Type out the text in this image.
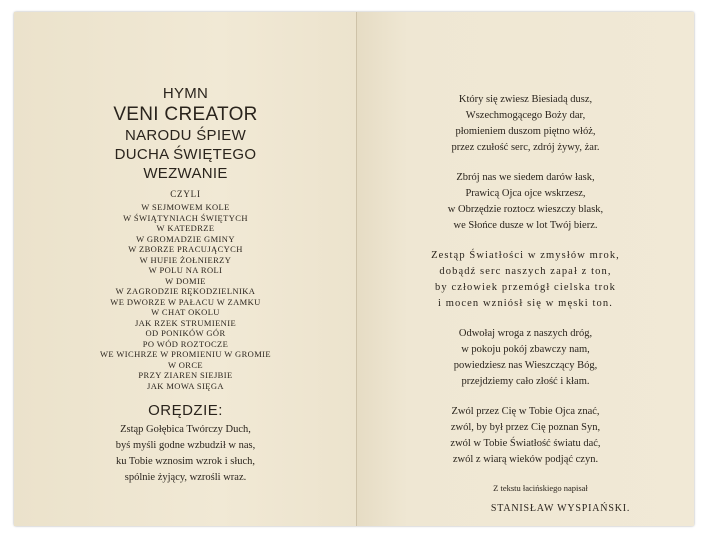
HYMN
VENI CREATOR
NARODU ŚPIEW
DUCHA ŚWIĘTEGO
WEZWANIE
CZYLI
W SEJMOWEM KOLE
W ŚWIĄTYNIACH ŚWIĘTYCH
W KATEDRZE
W GROMADZIE GMINY
W ZBORZE PRACUJĄCYCH
W HUFIE ŻOŁNIERZY
W POLU NA ROLI
W DOMIE
W ZAGRODZIE RĘKODZIELNIKA
WE DWORZE W PAŁACU W ZAMKU
W CHAT OKOLU
JAK RZEK STRUMIENIE
OD PONIKÓW GÓR
PO WÓD ROZTOCZE
WE WICHRZE W PROMIENIU W GROMIE
W ORCE
PRZY ZIAREN SIEJBIE
JAK MOWA SIĘGA
ORĘDZIE:
Zstąp Gołębica Twórczy Duch,
byś myśli godne wzbudził w nas,
ku Tobie wznosim wzrok i słuch,
spólnie żyjący, wzrośli wraz.
Który się zwiesz Biesiadą dusz,
Wszechmogącego Boży dar,
płomieniem duszom piętno włóż,
przez czułość serc, zdrój żywy, żar.
Zbrój nas we siedem darów łask,
Prawicą Ojca ojce wskrzesz,
w Obrzędzie roztocz wieszczy blask,
we Słońce dusze w lot Twój bierz.
Zestąp Światłości w zmysłów mrok,
dobądź serc naszych zapał z ton,
by człowiek przemógł cielska trok
i mocen wzniósł się w męski ton.
Odwołaj wroga z naszych dróg,
w pokoju pokój zbawczy nam,
powiedziesz nas Wieszczący Bóg,
przejdziemy cało złość i kłam.
Zwól przez Cię w Tobie Ojca znać,
zwól, by był przez Cię poznan Syn,
zwól w Tobie Światłość światu dać,
zwól z wiarą wieków podjąć czyn.
Z tekstu łacińskiego napisał
STANISŁAW WYSPIAŃSKI.
